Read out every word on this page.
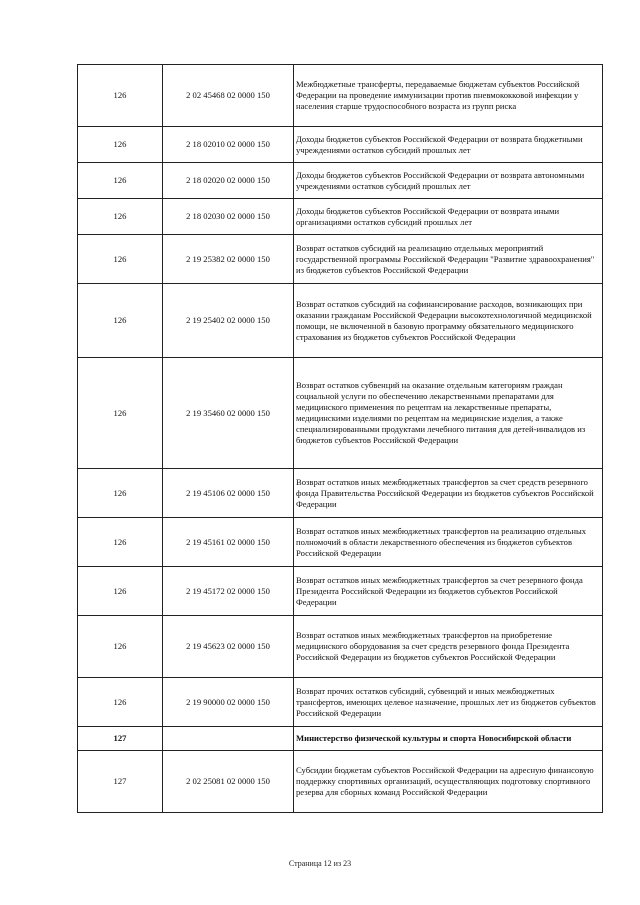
126	2 02 45468 02 0000 150	Межбюджетные трансферты, передаваемые бюджетам субъектов Российской Федерации на проведение иммунизации против пневмококковой инфекции у населения старше трудоспособного возраста из групп риска
126	2 18 02010 02 0000 150	Доходы бюджетов субъектов Российской Федерации от возврата бюджетными учреждениями остатков субсидий прошлых лет
126	2 18 02020 02 0000 150	Доходы бюджетов субъектов Российской Федерации от возврата автономными учреждениями остатков субсидий прошлых лет
126	2 18 02030 02 0000 150	Доходы бюджетов субъектов Российской Федерации от возврата иными организациями остатков субсидий прошлых лет
126	2 19 25382 02 0000 150	Возврат остатков субсидий на реализацию отдельных мероприятий государственной программы Российской Федерации "Развитие здравоохранения" из бюджетов субъектов Российской Федерации
126	2 19 25402 02 0000 150	Возврат остатков субсидий на софинансирование расходов, возникающих при оказании гражданам Российской Федерации высокотехнологичной медицинской помощи, не включенной в базовую программу обязательного медицинского страхования из бюджетов субъектов Российской Федерации
126	2 19 35460 02 0000 150	Возврат остатков субвенций на оказание отдельным категориям граждан социальной услуги по обеспечению лекарственными препаратами для медицинского применения по рецептам на лекарственные препараты, медицинскими изделиями по рецептам на медицинские изделия, а также специализированными продуктами лечебного питания для детей-инвалидов из бюджетов субъектов Российской Федерации
126	2 19 45106 02 0000 150	Возврат остатков иных межбюджетных трансфертов за счет средств резервного фонда Правительства Российской Федерации из бюджетов субъектов Российской Федерации
126	2 19 45161 02 0000 150	Возврат остатков иных межбюджетных трансфертов на реализацию отдельных полномочий в области лекарственного обеспечения из бюджетов субъектов Российской Федерации
126	2 19 45172 02 0000 150	Возврат остатков иных межбюджетных трансфертов за счет резервного фонда Президента Российской Федерации из бюджетов субъектов Российской Федерации
126	2 19 45623 02 0000 150	Возврат остатков иных межбюджетных трансфертов на приобретение медицинского оборудования за счет средств резервного фонда Президента Российской Федерации из бюджетов субъектов Российской Федерации
126	2 19 90000 02 0000 150	Возврат прочих остатков субсидий, субвенций и иных межбюджетных трансфертов, имеющих целевое назначение, прошлых лет из бюджетов субъектов Российской Федерации
127		Министерство физической культуры и спорта Новосибирской области
127	2 02 25081 02 0000 150	Субсидии бюджетам субъектов Российской Федерации на адресную финансовую поддержку спортивных организаций, осуществляющих подготовку спортивного резерва для сборных команд Российской Федерации
Страница 12 из 23
